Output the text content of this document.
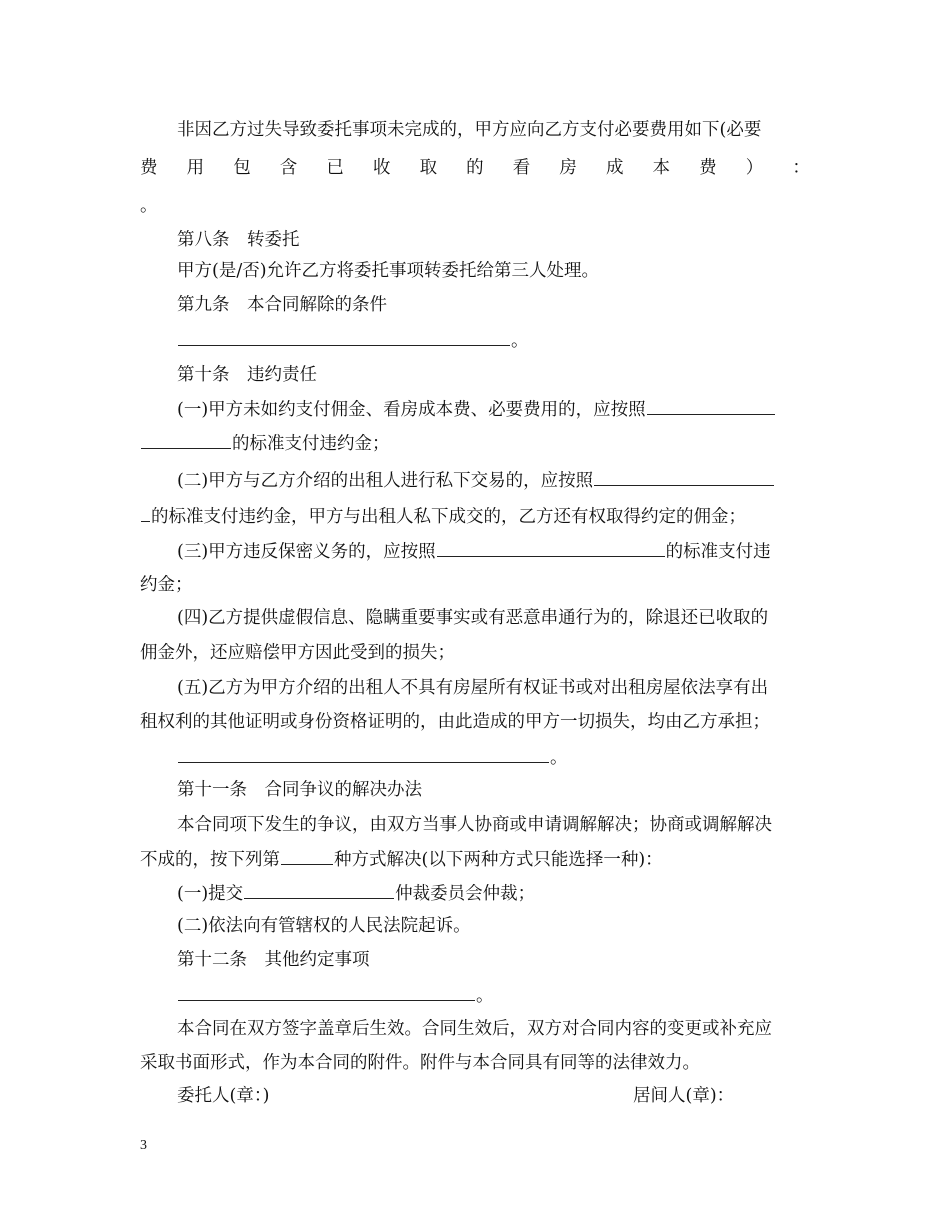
非因乙方过失导致委托事项未完成的，甲方应向乙方支付必要费用如下(必要

费 用 包 含 已 收 取 的 看 房 成 本 费 ） ：

。

第八条　转委托

甲方(是/否)允许乙方将委托事项转委托给第三人处理。

第九条　本合同解除的条件

。

第十条　违约责任

(一)甲方未如约支付佣金、看房成本费、必要费用的，应按照

的标准支付违约金；

(二)甲方与乙方介绍的出租人进行私下交易的，应按照

的标准支付违约金，甲方与出租人私下成交的，乙方还有权取得约定的佣金；

(三)甲方违反保密义务的，应按照	的标准支付违

约金；

(四)乙方提供虚假信息、隐瞒重要事实或有恶意串通行为的，除退还已收取的

佣金外，还应赔偿甲方因此受到的损失；

(五)乙方为甲方介绍的出租人不具有房屋所有权证书或对出租房屋依法享有出

租权利的其他证明或身份资格证明的，由此造成的甲方一切损失，均由乙方承担；

。

第十一条　合同争议的解决办法

本合同项下发生的争议，由双方当事人协商或申请调解解决；协商或调解解决

不成的，按下列第	种方式解决(以下两种方式只能选择一种)：

(一)提交	仲裁委员会仲裁；

(二)依法向有管辖权的人民法院起诉。

第十二条　其他约定事项

。

本合同在双方签字盖章后生效。合同生效后，双方对合同内容的变更或补充应

采取书面形式，作为本合同的附件。附件与本合同具有同等的法律效力。

委托人(章：)	居间人(章)：

3
